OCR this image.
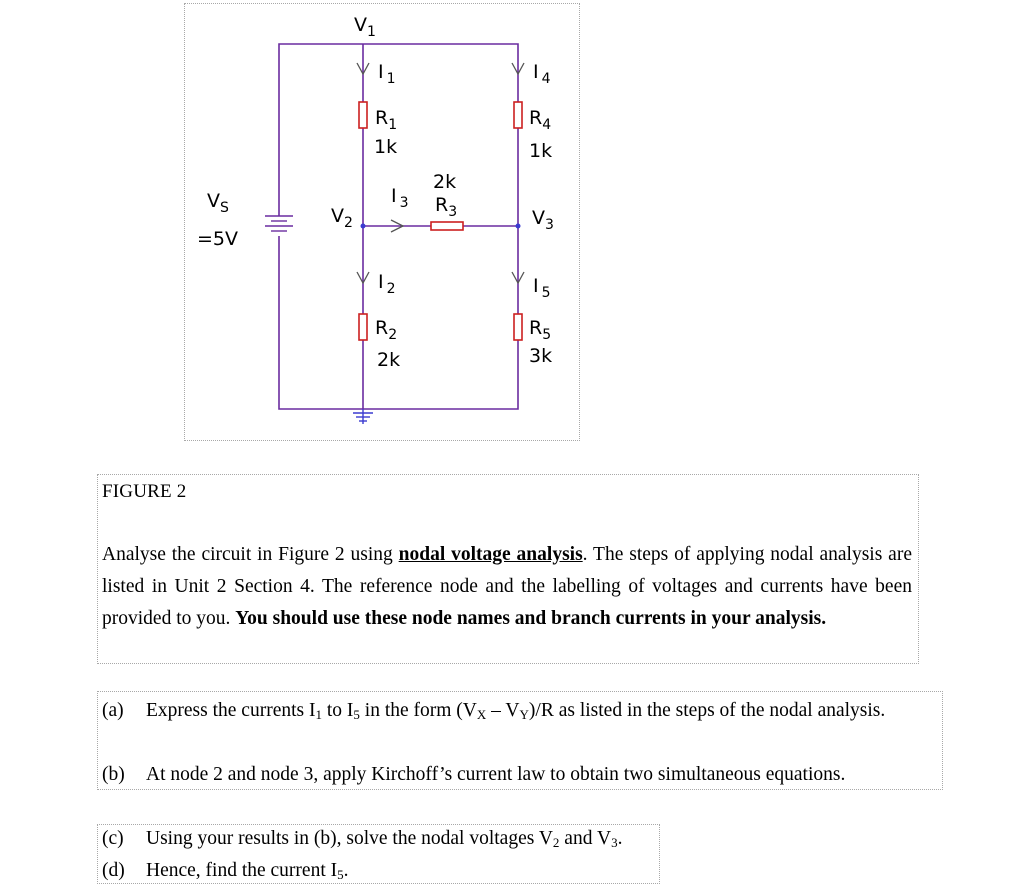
$V_1$
$V_2$	$V_3$
$V_S$
=5V
I $_1$	I $_4$
I $_2$	I $_5$
I $_3$
$R_1$
1k
$R_4$
1k
$R_2$
2k
$R_5$
3k
2k
$R_3$
FIGURE 2
Analyse the circuit in Figure 2 using nodal voltage analysis. The steps of applying nodal analysis are listed in Unit 2 Section 4. The reference node and the labelling of voltages and currents have been provided to you. You should use these node names and branch currents in your analysis.
(a) Express the currents $I_1$ to $I_5$ in the form $(V_X - V_Y)/R$ as listed in the steps of the nodal analysis.
(b) At node 2 and node 3, apply Kirchoff’s current law to obtain two simultaneous equations.
(c) Using your results in (b), solve the nodal voltages $V_2$ and $V_3$.
(d) Hence, find the current $I_5$.
